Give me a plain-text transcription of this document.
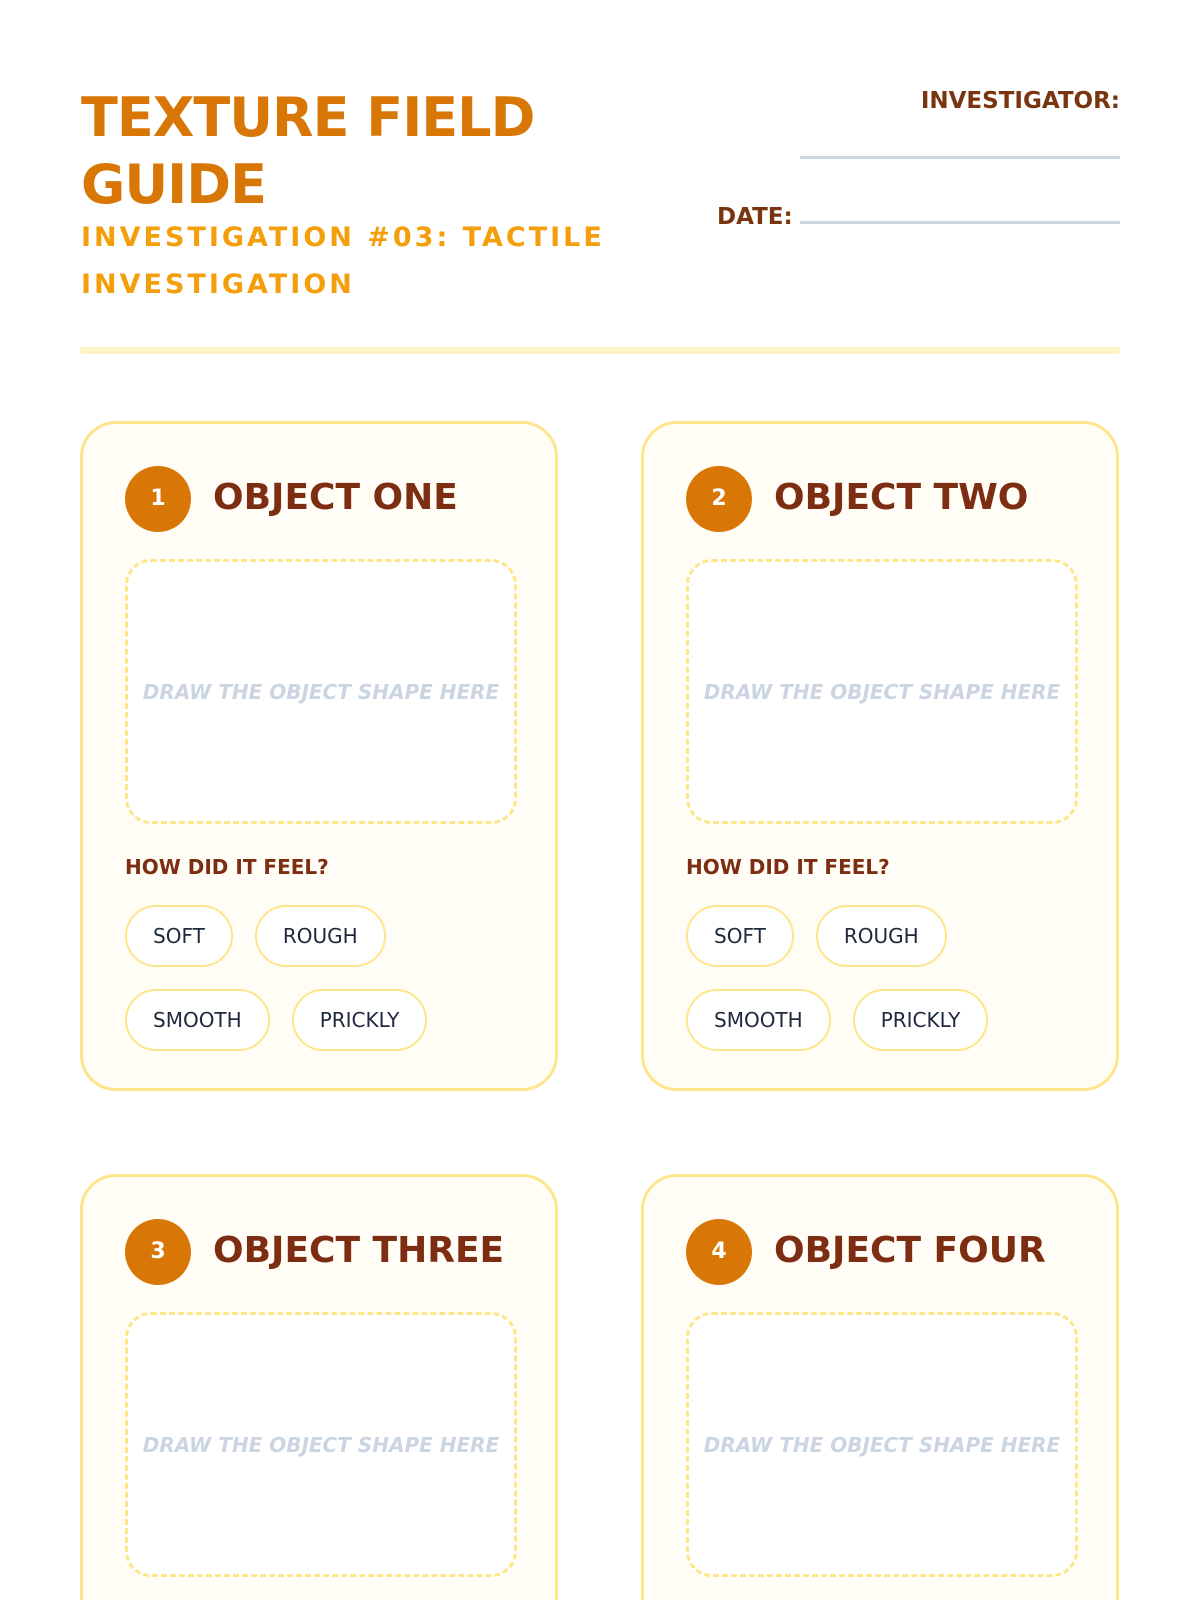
TEXTURE FIELD GUIDE
INVESTIGATION #03: TACTILE INVESTIGATION
INVESTIGATOR:
DATE:
1	OBJECT ONE
DRAW THE OBJECT SHAPE HERE
HOW DID IT FEEL?
SOFT	ROUGH
SMOOTH	PRICKLY
2	OBJECT TWO
DRAW THE OBJECT SHAPE HERE
HOW DID IT FEEL?
SOFT	ROUGH
SMOOTH	PRICKLY
3	OBJECT THREE
DRAW THE OBJECT SHAPE HERE
4	OBJECT FOUR
DRAW THE OBJECT SHAPE HERE
